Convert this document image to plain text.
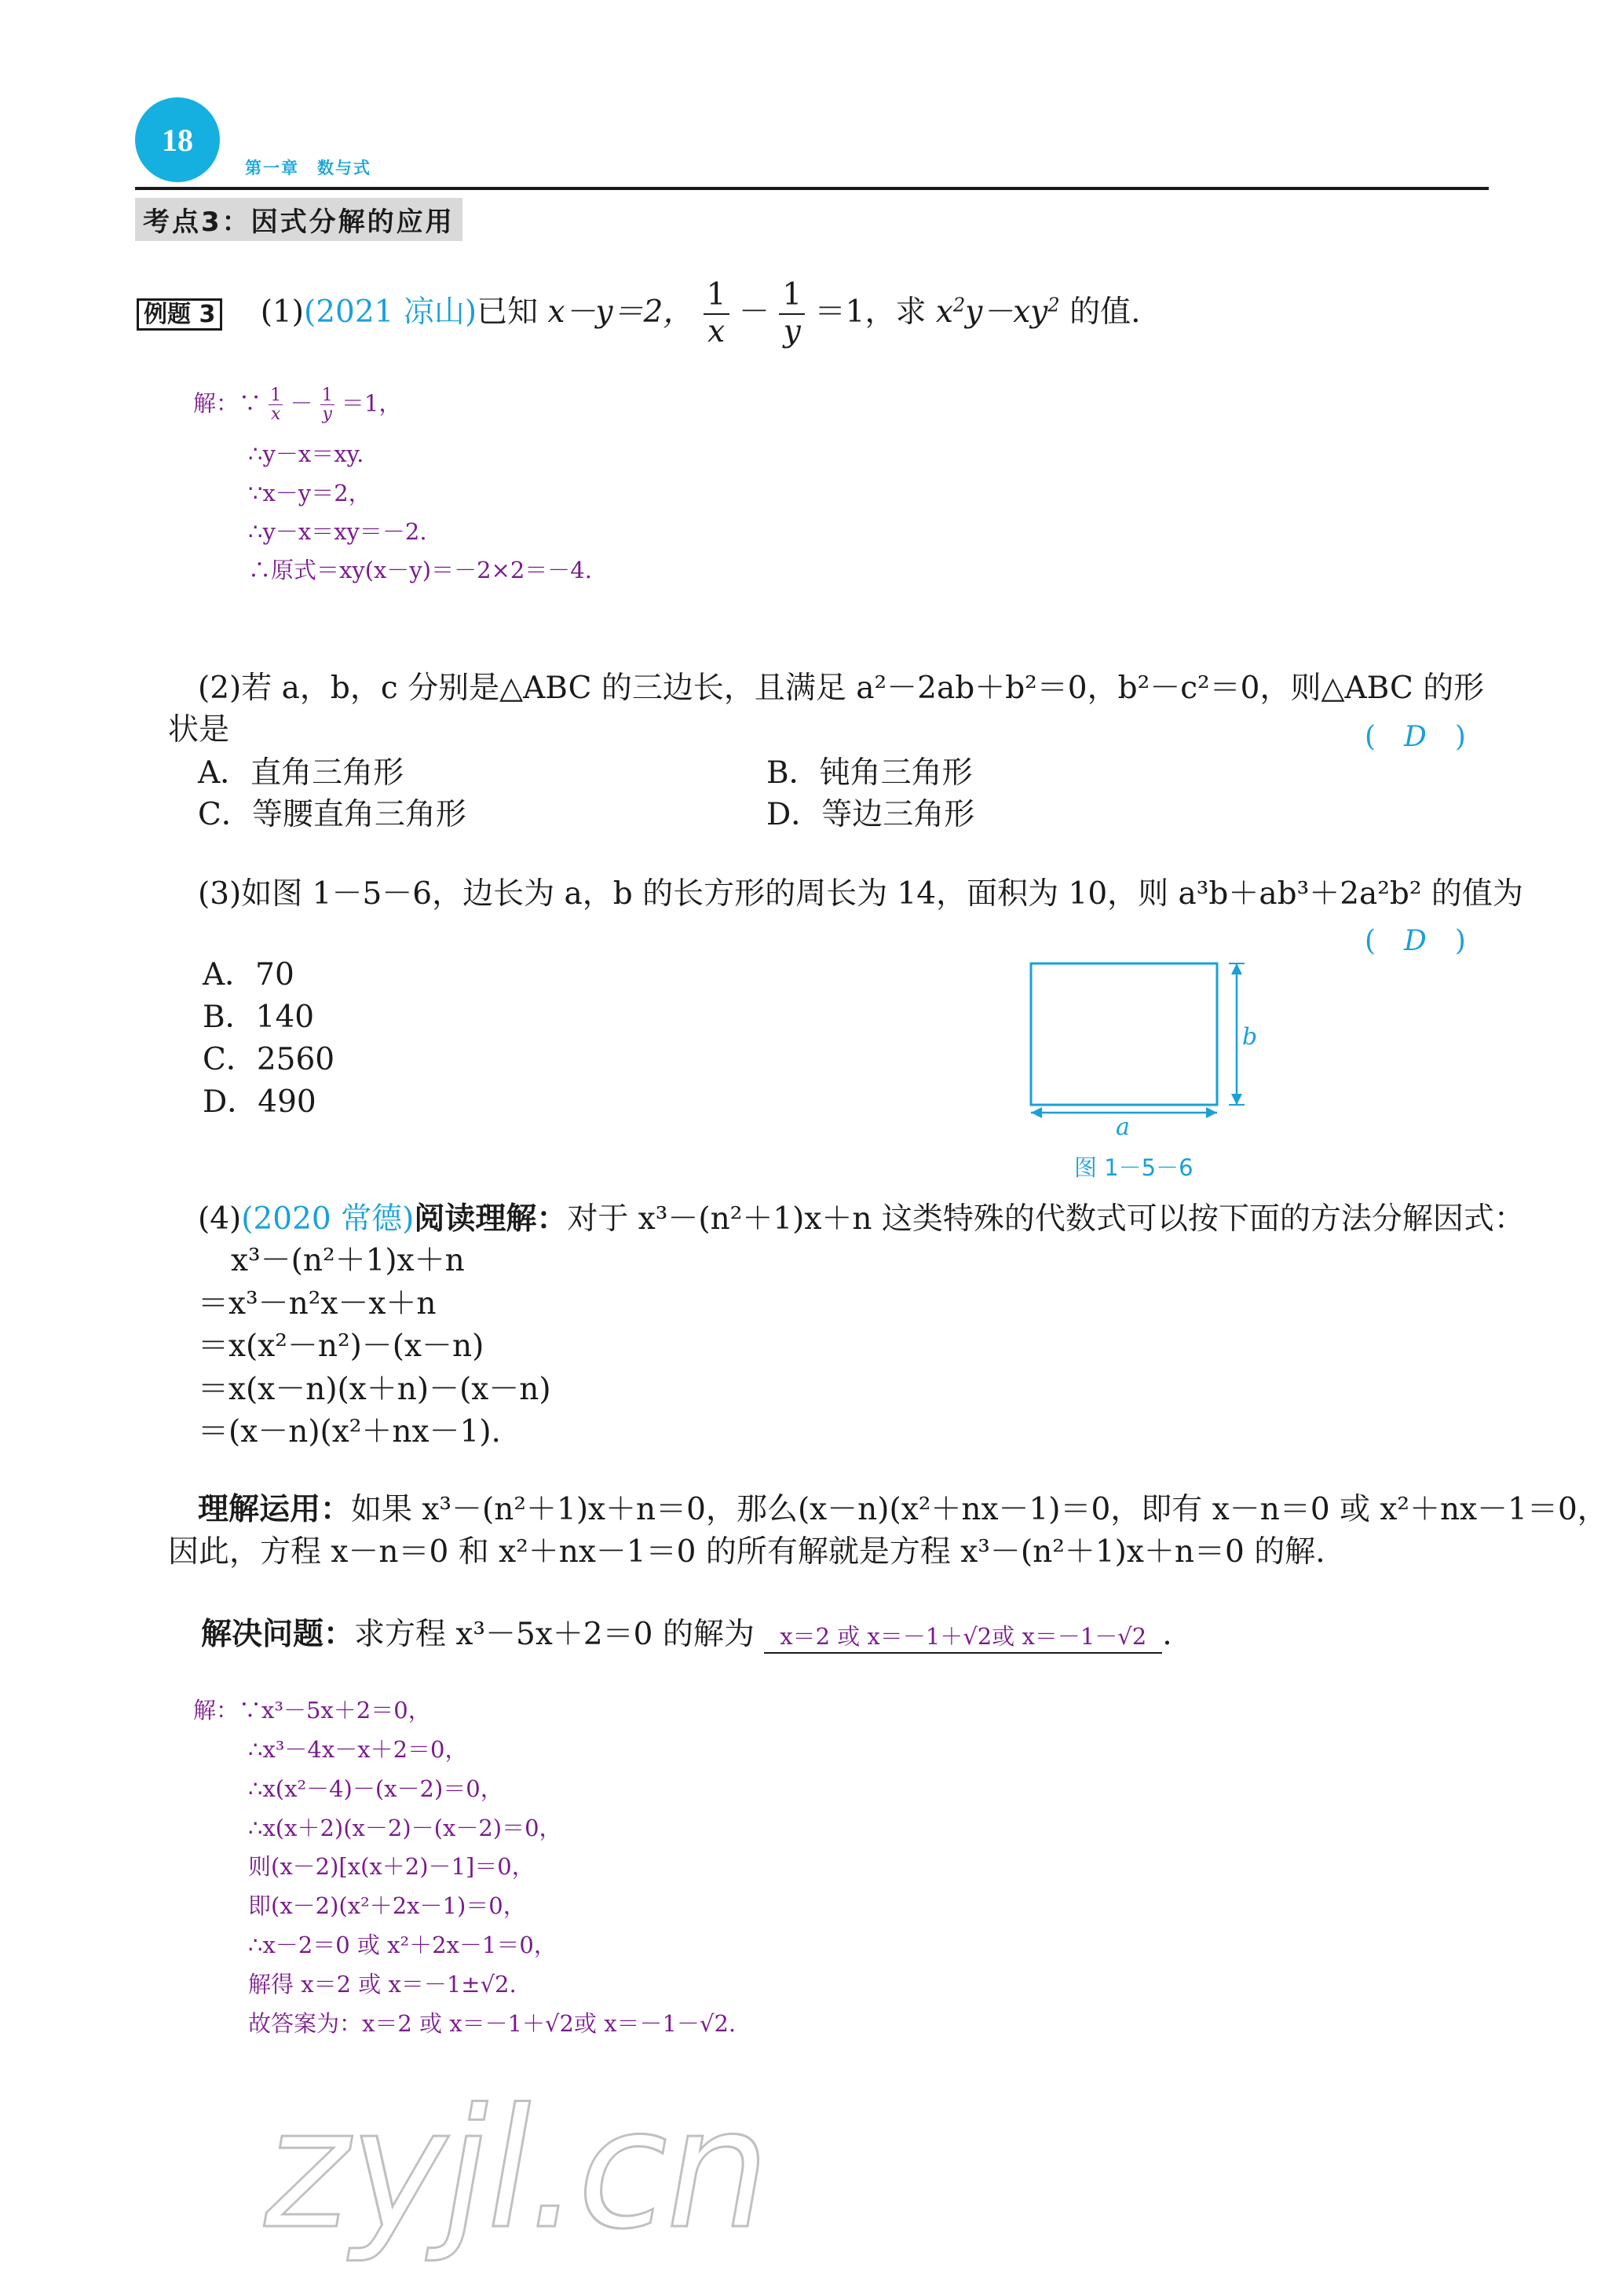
18
第一章　数与式
考点3：因式分解的应用
例题 3 (1)(2021 凉山)已知 x－y＝2， $\frac{1}{x} - \frac{1}{y} =1$，求 $x^2y-xy^2$ 的值.
解：∵ $\frac{1}{x} - \frac{1}{y} =1$，
∴y－x＝xy.
∵x－y＝2，
∴y－x＝xy＝－2.
∴原式＝xy(x－y)＝－2×2＝－4.
(2)若 a，b，c 分别是△ABC 的三边长，且满足 a²－2ab＋b²＝0，b²－c²＝0，则△ABC 的形
状是	(　D　)
A．直角三角形	B．钝角三角形
C．等腰直角三角形	D．等边三角形
(3)如图 1－5－6，边长为 a，b 的长方形的周长为 14，面积为 10，则 a³b＋ab³＋2a²b² 的值为
(　D　)
A．70
B．140
C．2560
D．490
b
a
图 1－5－6
(4)(2020 常德)阅读理解：对于 x³－(n²＋1)x＋n 这类特殊的代数式可以按下面的方法分解因式：
x³－(n²＋1)x＋n
＝x³－n²x－x＋n
＝x(x²－n²)－(x－n)
＝x(x－n)(x＋n)－(x－n)
＝(x－n)(x²＋nx－1).
理解运用：如果 x³－(n²＋1)x＋n＝0，那么(x－n)(x²＋nx－1)＝0，即有 x－n＝0 或 x²＋nx－1＝0，
因此，方程 x－n＝0 和 x²＋nx－1＝0 的所有解就是方程 x³－(n²＋1)x＋n＝0 的解.
解决问题：求方程 x³－5x＋2＝0 的解为 x＝2 或 x＝－1＋√2或 x＝－1－√2 .
解：∵x³－5x＋2＝0，
∴x³－4x－x＋2＝0，
∴x(x²－4)－(x－2)＝0，
∴x(x＋2)(x－2)－(x－2)＝0，
则(x－2)[x(x＋2)－1]＝0，
即(x－2)(x²＋2x－1)＝0，
∴x－2＝0 或 x²＋2x－1＝0，
解得 x＝2 或 x＝－1±√2.
故答案为：x＝2 或 x＝－1＋√2或 x＝－1－√2.
zyjl.cn
